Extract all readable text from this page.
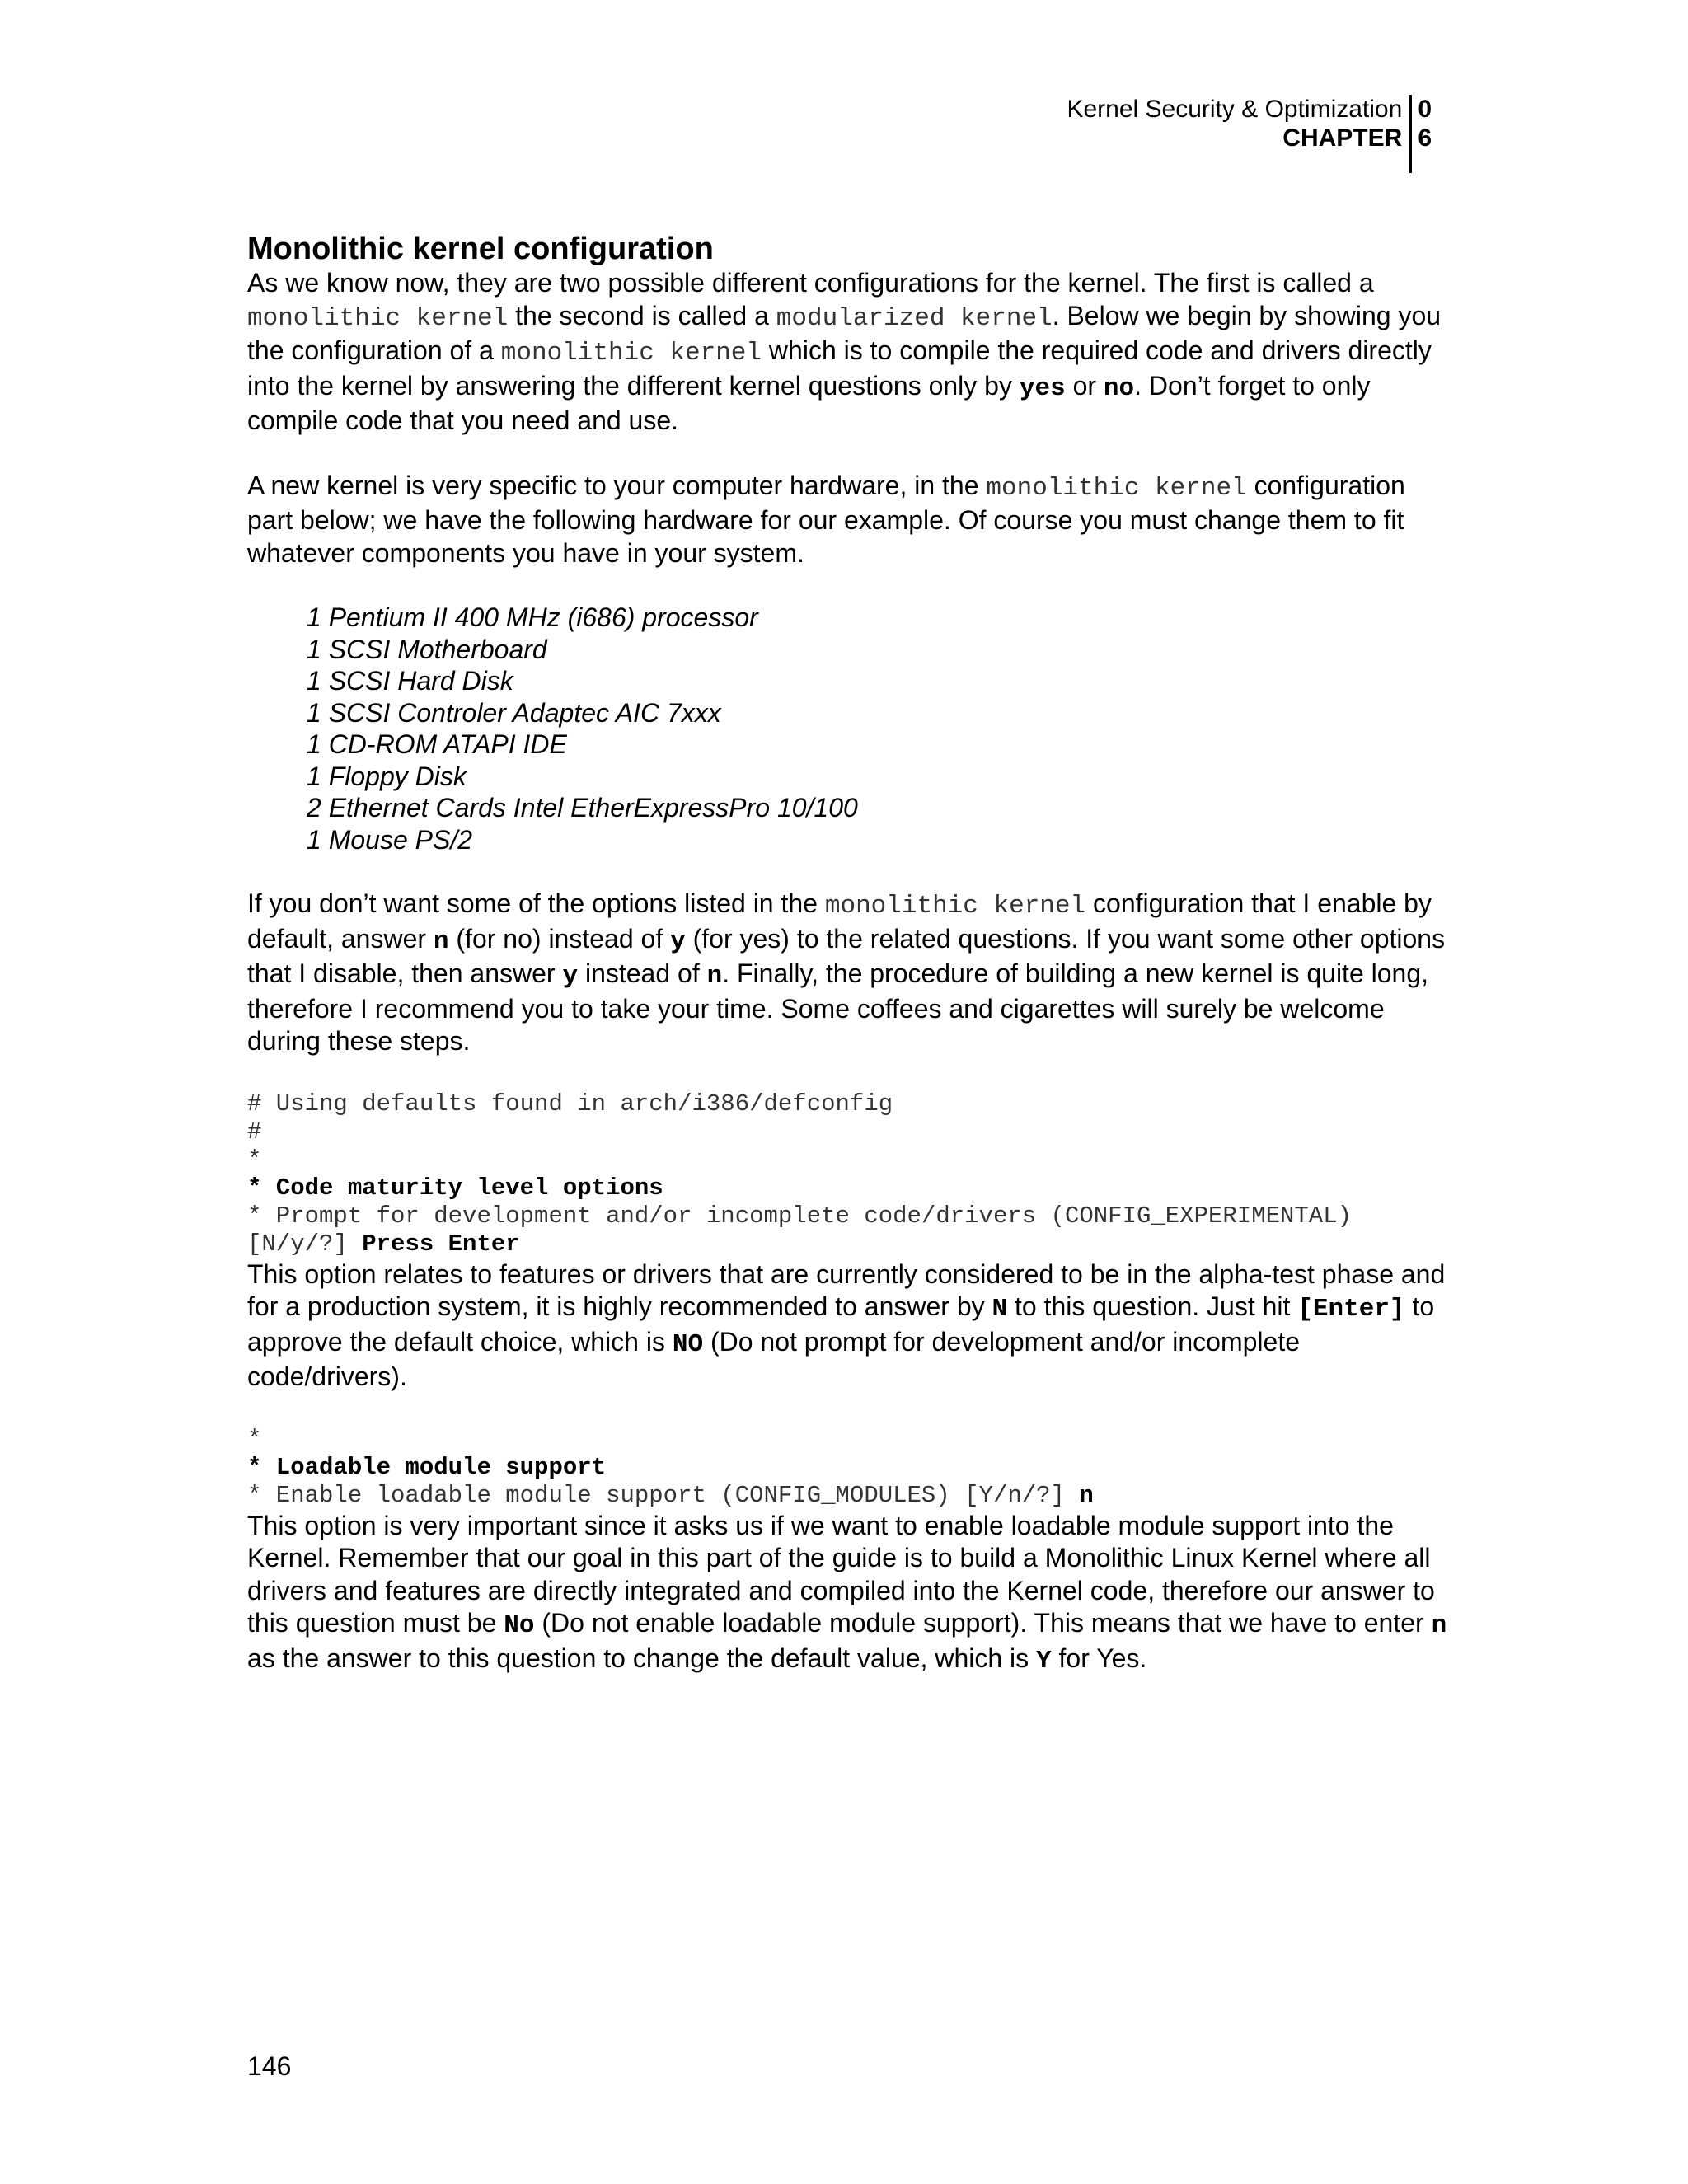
Kernel Security & Optimization
CHAPTER
0
6
Monolithic kernel configuration

As we know now, they are two possible different configurations for the kernel. The first is called a monolithic kernel the second is called a modularized kernel. Below we begin by showing you the configuration of a monolithic kernel which is to compile the required code and drivers directly into the kernel by answering the different kernel questions only by yes or no. Don’t forget to only compile code that you need and use.

A new kernel is very specific to your computer hardware, in the monolithic kernel configuration part below; we have the following hardware for our example. Of course you must change them to fit whatever components you have in your system.

1 Pentium II 400 MHz (i686) processor
1 SCSI Motherboard
1 SCSI Hard Disk
1 SCSI Controler Adaptec AIC 7xxx
1 CD-ROM ATAPI IDE
1 Floppy Disk
2 Ethernet Cards Intel EtherExpressPro 10/100
1 Mouse PS/2

If you don’t want some of the options listed in the monolithic kernel configuration that I enable by default, answer n (for no) instead of y (for yes) to the related questions. If you want some other options that I disable, then answer y instead of n. Finally, the procedure of building a new kernel is quite long, therefore I recommend you to take your time. Some coffees and cigarettes will surely be welcome during these steps.

# Using defaults found in arch/i386/defconfig
#
*
* Code maturity level options
* Prompt for development and/or incomplete code/drivers (CONFIG_EXPERIMENTAL)
[N/y/?] Press Enter

This option relates to features or drivers that are currently considered to be in the alpha-test phase and for a production system, it is highly recommended to answer by N to this question. Just hit [Enter] to approve the default choice, which is NO (Do not prompt for development and/or incomplete code/drivers).

*
* Loadable module support
* Enable loadable module support (CONFIG_MODULES) [Y/n/?] n

This option is very important since it asks us if we want to enable loadable module support into the Kernel. Remember that our goal in this part of the guide is to build a Monolithic Linux Kernel where all drivers and features are directly integrated and compiled into the Kernel code, therefore our answer to this question must be No (Do not enable loadable module support). This means that we have to enter n as the answer to this question to change the default value, which is Y for Yes.

146
